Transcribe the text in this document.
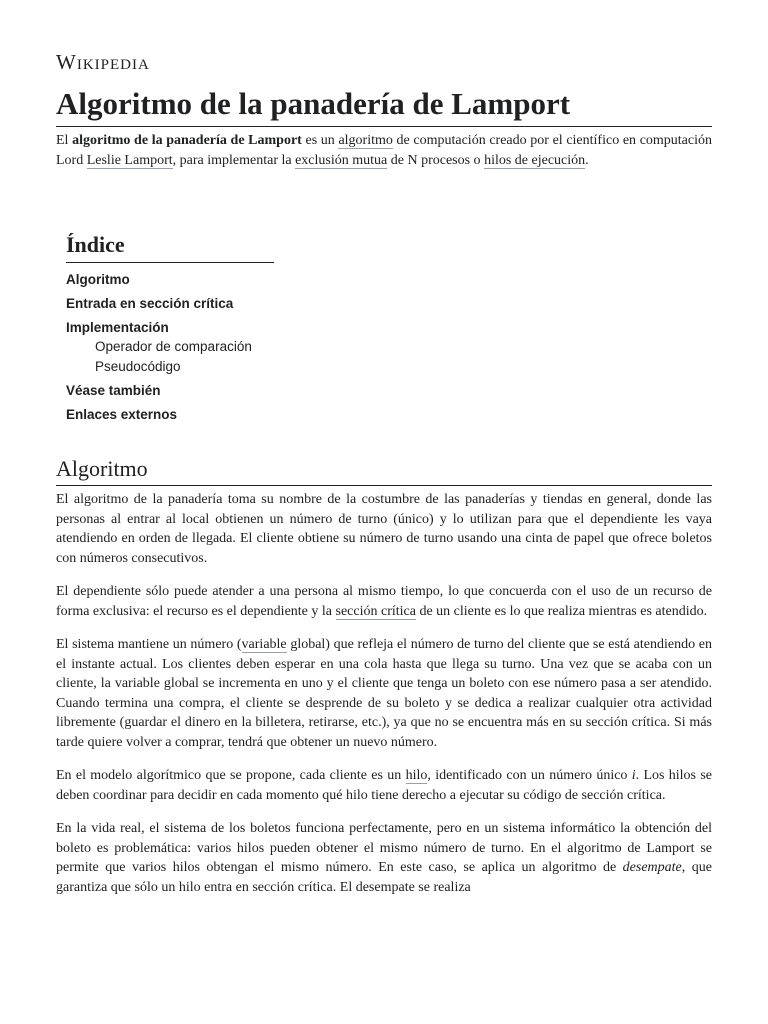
Wikipedia
Algoritmo de la panadería de Lamport

El algoritmo de la panadería de Lamport es un algoritmo de computación creado por el científico en computación Lord Leslie Lamport, para implementar la exclusión mutua de N procesos o hilos de ejecución.

Índice
Algoritmo
Entrada en sección crítica
Implementación
Operador de comparación
Pseudocódigo
Véase también
Enlaces externos
Algoritmo

El algoritmo de la panadería toma su nombre de la costumbre de las panaderías y tiendas en general, donde las personas al entrar al local obtienen un número de turno (único) y lo utilizan para que el dependiente les vaya atendiendo en orden de llegada. El cliente obtiene su número de turno usando una cinta de papel que ofrece boletos con números consecutivos.

El dependiente sólo puede atender a una persona al mismo tiempo, lo que concuerda con el uso de un recurso de forma exclusiva: el recurso es el dependiente y la sección crítica de un cliente es lo que realiza mientras es atendido.

El sistema mantiene un número (variable global) que refleja el número de turno del cliente que se está atendiendo en el instante actual. Los clientes deben esperar en una cola hasta que llega su turno. Una vez que se acaba con un cliente, la variable global se incrementa en uno y el cliente que tenga un boleto con ese número pasa a ser atendido. Cuando termina una compra, el cliente se desprende de su boleto y se dedica a realizar cualquier otra actividad libremente (guardar el dinero en la billetera, retirarse, etc.), ya que no se encuentra más en su sección crítica. Si más tarde quiere volver a comprar, tendrá que obtener un nuevo número.

En el modelo algorítmico que se propone, cada cliente es un hilo, identificado con un número único i. Los hilos se deben coordinar para decidir en cada momento qué hilo tiene derecho a ejecutar su código de sección crítica.

En la vida real, el sistema de los boletos funciona perfectamente, pero en un sistema informático la obtención del boleto es problemática: varios hilos pueden obtener el mismo número de turno. En el algoritmo de Lamport se permite que varios hilos obtengan el mismo número. En este caso, se aplica un algoritmo de desempate, que garantiza que sólo un hilo entra en sección crítica. El desempate se realiza
